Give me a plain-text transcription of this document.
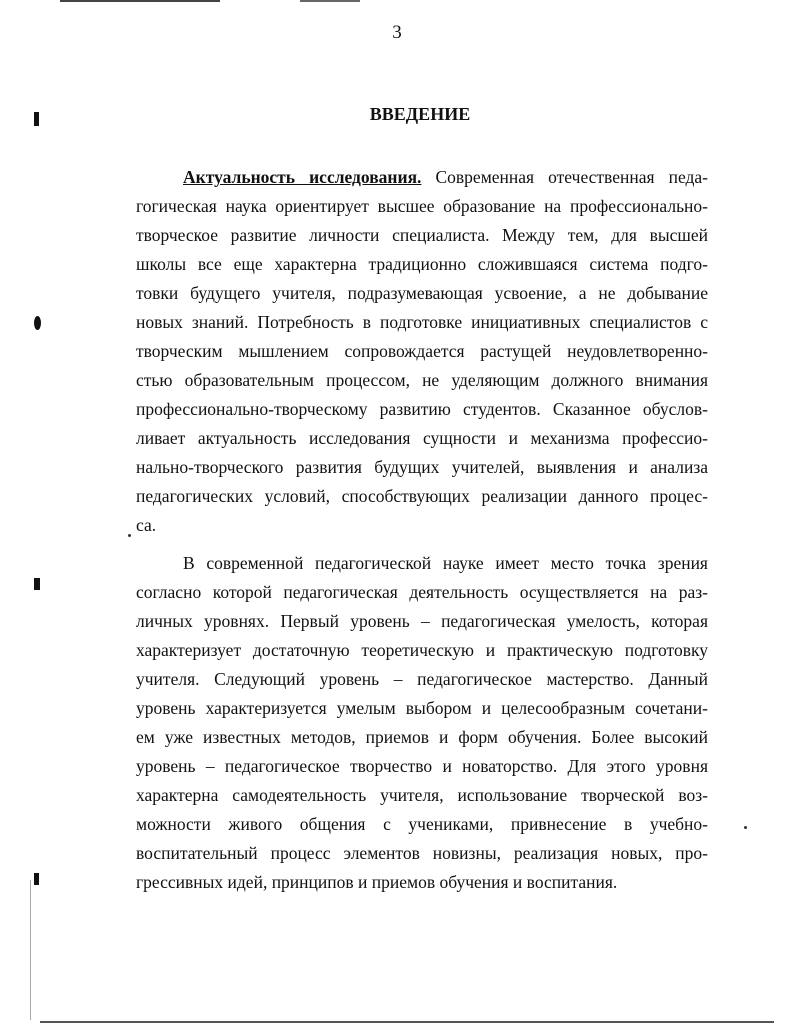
3
ВВЕДЕНИЕ
Актуальность исследования. Современная отечественная педа-
гогическая наука ориентирует высшее образование на профессионально-
творческое развитие личности специалиста. Между тем, для высшей
школы все еще характерна традиционно сложившаяся система подго-
товки будущего учителя, подразумевающая усвоение, а не добывание
новых знаний. Потребность в подготовке инициативных специалистов с
творческим мышлением сопровождается растущей неудовлетворенно-
стью образовательным процессом, не уделяющим должного внимания
профессионально-творческому развитию студентов. Сказанное обуслов-
ливает актуальность исследования сущности и механизма профессио-
нально-творческого развития будущих учителей, выявления и анализа
педагогических условий, способствующих реализации данного процес-
са.
В современной педагогической науке имеет место точка зрения
согласно которой педагогическая деятельность осуществляется на раз-
личных уровнях. Первый уровень – педагогическая умелость, которая
характеризует достаточную теоретическую и практическую подготовку
учителя. Следующий уровень – педагогическое мастерство. Данный
уровень характеризуется умелым выбором и целесообразным сочетани-
ем уже известных методов, приемов и форм обучения. Более высокий
уровень – педагогическое творчество и новаторство. Для этого уровня
характерна самодеятельность учителя, использование творческой воз-
можности живого общения с учениками, привнесение в учебно-
воспитательный процесс элементов новизны, реализация новых, про-
грессивных идей, принципов и приемов обучения и воспитания.
